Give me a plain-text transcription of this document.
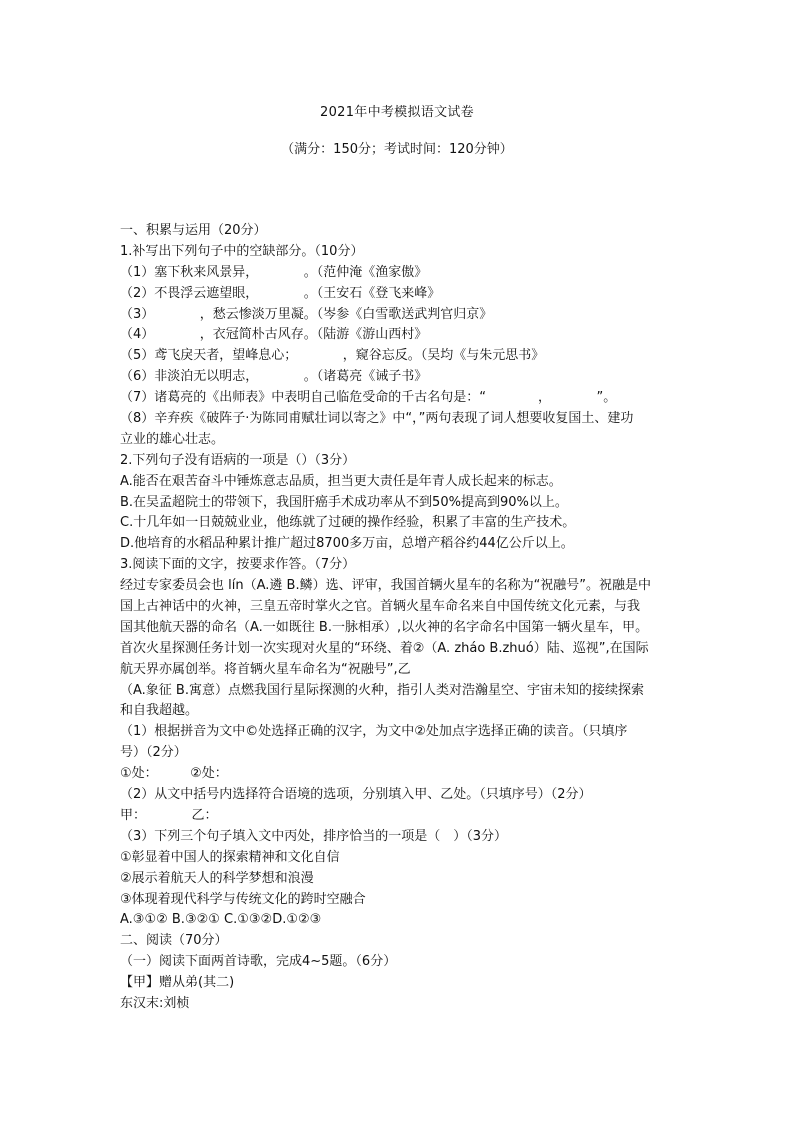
2021年中考模拟语文试卷
（满分：150分；考试时间：120分钟）

一、积累与运用（20分）

1.补写出下列句子中的空缺部分。（10分）

（1）塞下秋来风景异，　　　　。（范仲淹《渔家傲》

（2）不畏浮云遮望眼，　　　　。（王安石《登飞来峰》

（3）　　　　，愁云惨淡万里凝。（岑参《白雪歌送武判官归京》

（4）　　　　，衣冠简朴古风存。（陆游《游山西村》

（5）鸢飞戾天者，望峰息心；　　　　，窥谷忘反。（吴均《与朱元思书》

（6）非淡泊无以明志，　　　　。（诸葛亮《诫子书》

（7）诸葛亮的《出师表》中表明自己临危受命的千古名句是：“　　　　，　　　　”。

（8）辛弃疾《破阵子·为陈同甫赋壮词以寄之》中“，”两句表现了词人想要收复国土、建功

立业的雄心壮志。

2.下列句子没有语病的一项是（）（3分）

A.能否在艰苦奋斗中锤炼意志品质，担当更大责任是年青人成长起来的标志。

B.在吴孟超院士的带领下，我国肝癌手术成功率从不到50%提高到90%以上。

C.十几年如一日兢兢业业，他练就了过硬的操作经验，积累了丰富的生产技术。

D.他培育的水稻品种累计推广超过8700多万亩，总增产稻谷约44亿公斤以上。

3.阅读下面的文字，按要求作答。（7分）

经过专家委员会也 lín（A.遴 B.鳞）选、评审，我国首辆火星车的名称为“祝融号”。祝融是中

国上古神话中的火神，三皇五帝时掌火之官。首辆火星车命名来自中国传统文化元素，与我

国其他航天器的命名（A.一如既往 B.一脉相承）,以火神的名字命名中国第一辆火星车，甲。

首次火星探测任务计划一次实现对火星的“环绕、着②（A. zháo B.zhuó）陆、巡视”,在国际

航天界亦属创举。将首辆火星车命名为“祝融号”,乙

（A.象征 B.寓意）点燃我国行星际探测的火种，指引人类对浩瀚星空、宇宙未知的接续探索

和自我超越。

（1）根据拼音为文中©处选择正确的汉字，为文中②处加点字选择正确的读音。（只填序

号）（2分）

①处：　　　②处：

（2）从文中括号内选择符合语境的选项，分别填入甲、乙处。（只填序号）（2分）

甲：　　　　乙：

（3）下列三个句子填入文中丙处，排序恰当的一项是（　）（3分）

①彰显着中国人的探索精神和文化自信

②展示着航天人的科学梦想和浪漫

③体现着现代科学与传统文化的跨时空融合

A.③①② B.③②① C.①③②D.①②③

二、阅读（70分）

（一）阅读下面两首诗歌，完成4~5题。（6分）

【甲】赠从弟(其二)

东汉末:刘桢
